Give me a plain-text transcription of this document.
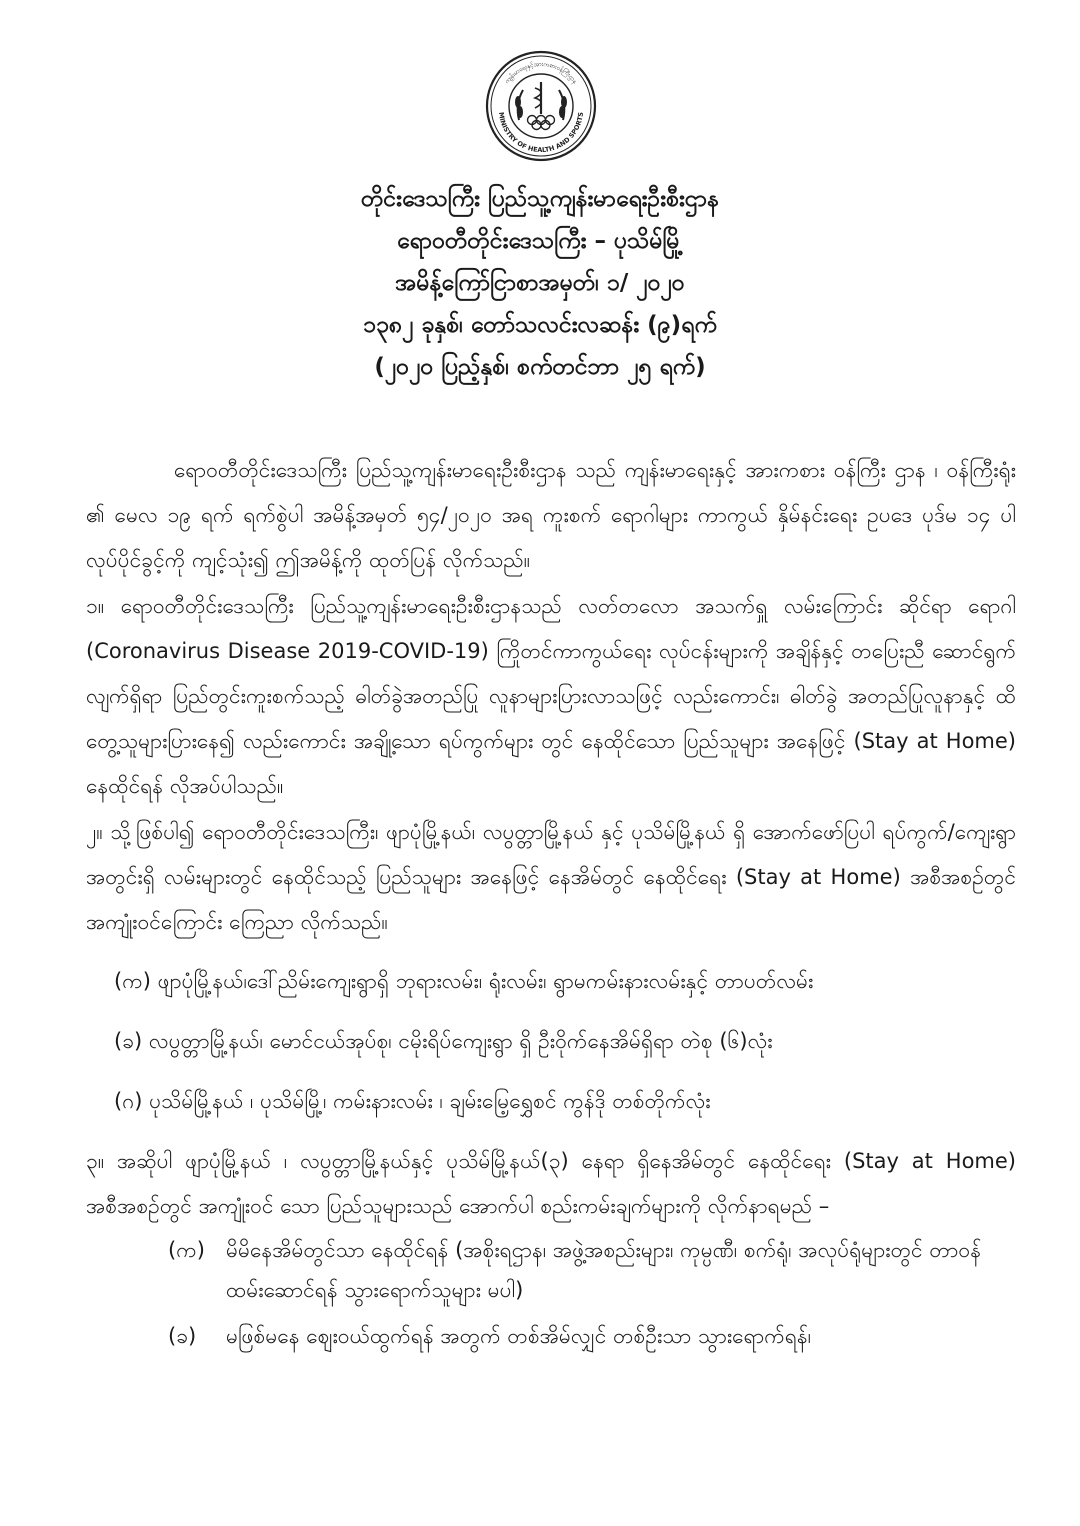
MINISTRY OF HEALTH AND SPORTS
ကျန်းမာရေးနှင့်အားကစားဝန်ကြီးဌာန

တိုင်းဒေသကြီး ပြည်သူ့ကျန်းမာရေးဦးစီးဌာန

ရောဝတီတိုင်းဒေသကြီး – ပုသိမ်မြို့

အမိန့်ကြော်ငြာစာအမှတ်၊ ၁/ ၂၀၂၀

၁၃၈၂ ခုနှစ်၊ တော်သလင်းလဆန်း (၉)ရက်

(၂၀၂၀ ပြည့်နှစ်၊ စက်တင်ဘာ ၂၅ ရက်)

ရောဝတီတိုင်းဒေသကြီး ပြည်သူ့ကျန်းမာရေးဦးစီးဌာန သည် ကျန်းမာရေးနှင့် အားကစား ဝန်ကြီး ဌာန ၊ ဝန်ကြီးရုံး ၏ မေလ ၁၉ ရက် ရက်စွဲပါ အမိန့်အမှတ် ၅၄/၂၀၂၀ အရ ကူးစက် ရောဂါများ ကာကွယ် နှိမ်နင်းရေး ဥပဒေ ပုဒ်မ ၁၄ ပါ လုပ်ပိုင်ခွင့်ကို ကျင့်သုံး၍ ဤအမိန့်ကို ထုတ်ပြန် လိုက်သည်။

၁။ ရောဝတီတိုင်းဒေသကြီး ပြည်သူ့ကျန်းမာရေးဦးစီးဌာနသည် လတ်တလော အသက်ရှူ လမ်းကြောင်း ဆိုင်ရာ ရောဂါ (Coronavirus Disease 2019-COVID-19) ကြိုတင်ကာကွယ်ရေး လုပ်ငန်းများကို အချိန်နှင့် တပြေးညီ ဆောင်ရွက်လျက်ရှိရာ ပြည်တွင်းကူးစက်သည့် ဓါတ်ခွဲအတည်ပြု လူနာများပြားလာသဖြင့် လည်းကောင်း၊ ဓါတ်ခွဲ အတည်ပြုလူနာနှင့် ထိတွေ့သူများပြားနေ၍ လည်းကောင်း အချို့သော ရပ်ကွက်များ တွင် နေထိုင်သော ပြည်သူများ အနေဖြင့် (Stay at Home) နေထိုင်ရန် လိုအပ်ပါသည်။

၂။ သို့ဖြစ်ပါ၍ ရောဝတီတိုင်းဒေသကြီး၊ ဖျာပုံမြို့နယ်၊ လပွတ္တာမြို့နယ် နှင့် ပုသိမ်မြို့နယ် ရှိ အောက်ဖော်ပြပါ ရပ်ကွက်/ကျေးရွာအတွင်းရှိ လမ်းများတွင် နေထိုင်သည့် ပြည်သူများ အနေဖြင့် နေအိမ်တွင် နေထိုင်ရေး (Stay at Home) အစီအစဉ်တွင် အကျုံးဝင်ကြောင်း ကြေညာ လိုက်သည်။

(က)
ဖျာပုံမြို့နယ်၊ဒေါ်ညိမ်းကျေးရွာရှိ ဘုရားလမ်း၊ ရုံးလမ်း၊ ရွာမကမ်းနားလမ်းနှင့် တာပတ်လမ်း
(ခ)
လပွတ္တာမြို့နယ်၊ မောင်ငယ်အုပ်စု၊ ငမိုးရိပ်ကျေးရွာ ရှိ ဦးဝိုက်နေအိမ်ရှိရာ တဲစု (၆)လုံး
(ဂ)
ပုသိမ်မြို့နယ် ၊ ပုသိမ်မြို့၊ ကမ်းနားလမ်း ၊ ချမ်းမြေ့ရွှေစင် ကွန်ဒို တစ်တိုက်လုံး

၃။ အဆိုပါ ဖျာပုံမြို့နယ် ၊ လပွတ္တာမြို့နယ်နှင့် ပုသိမ်မြို့နယ်(၃) နေရာ ရှိနေအိမ်တွင် နေထိုင်ရေး (Stay at Home) အစီအစဉ်တွင် အကျုံးဝင် သော ပြည်သူများသည် အောက်ပါ စည်းကမ်းချက်များကို လိုက်နာရမည် –

(က)	မိမိနေအိမ်တွင်သာ နေထိုင်ရန် (အစိုးရဌာန၊ အဖွဲ့အစည်းများ၊ ကုမ္ပဏီ၊ စက်ရုံ၊ အလုပ်ရုံများတွင် တာဝန်ထမ်းဆောင်ရန် သွားရောက်သူများ မပါ)
(ခ)	မဖြစ်မနေ ဈေးဝယ်ထွက်ရန် အတွက် တစ်အိမ်လျှင် တစ်ဦးသာ သွားရောက်ရန်၊
